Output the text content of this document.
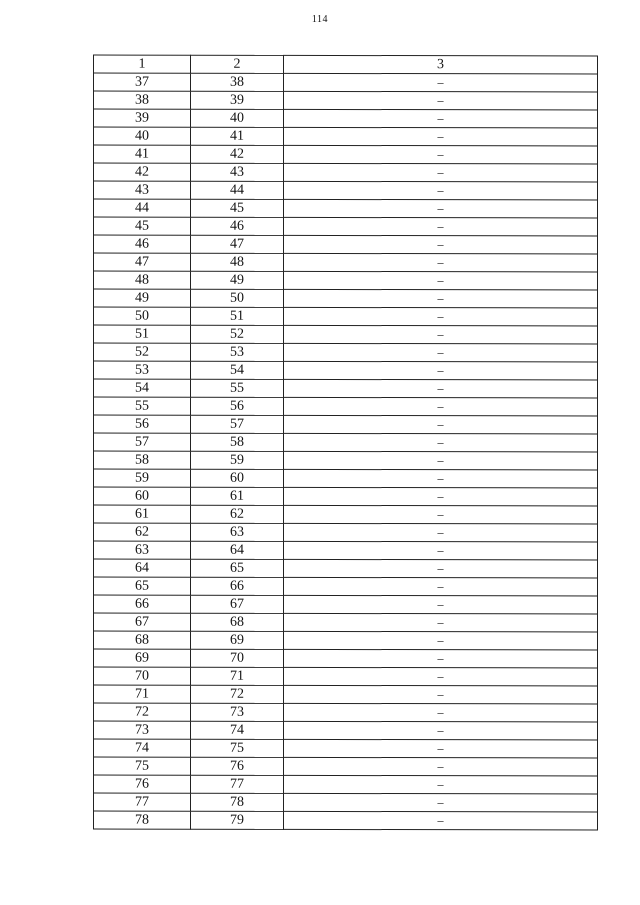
114
1	2	3
37	38	–
38	39	–
39	40	–
40	41	–
41	42	–
42	43	–
43	44	–
44	45	–
45	46	–
46	47	–
47	48	–
48	49	–
49	50	–
50	51	–
51	52	–
52	53	–
53	54	–
54	55	–
55	56	–
56	57	–
57	58	–
58	59	–
59	60	–
60	61	–
61	62	–
62	63	–
63	64	–
64	65	–
65	66	–
66	67	–
67	68	–
68	69	–
69	70	–
70	71	–
71	72	–
72	73	–
73	74	–
74	75	–
75	76	–
76	77	–
77	78	–
78	79	–
